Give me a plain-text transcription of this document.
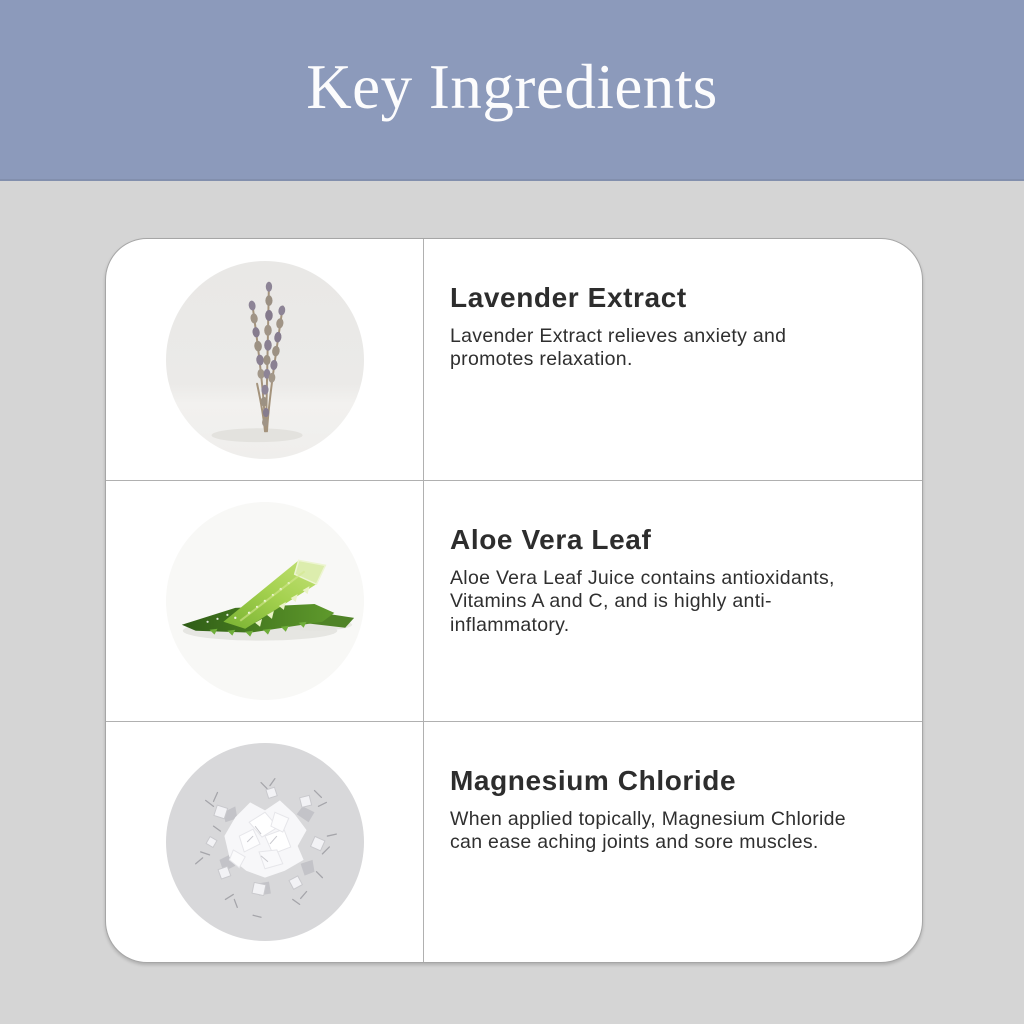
Key Ingredients
Lavender Extract
Lavender Extract relieves anxiety and promotes relaxation.
Aloe Vera Leaf
Aloe Vera Leaf Juice contains antioxidants, Vitamins A and C, and is highly anti-inflammatory.
Magnesium Chloride
When applied topically, Magnesium Chloride can ease aching joints and sore muscles.
